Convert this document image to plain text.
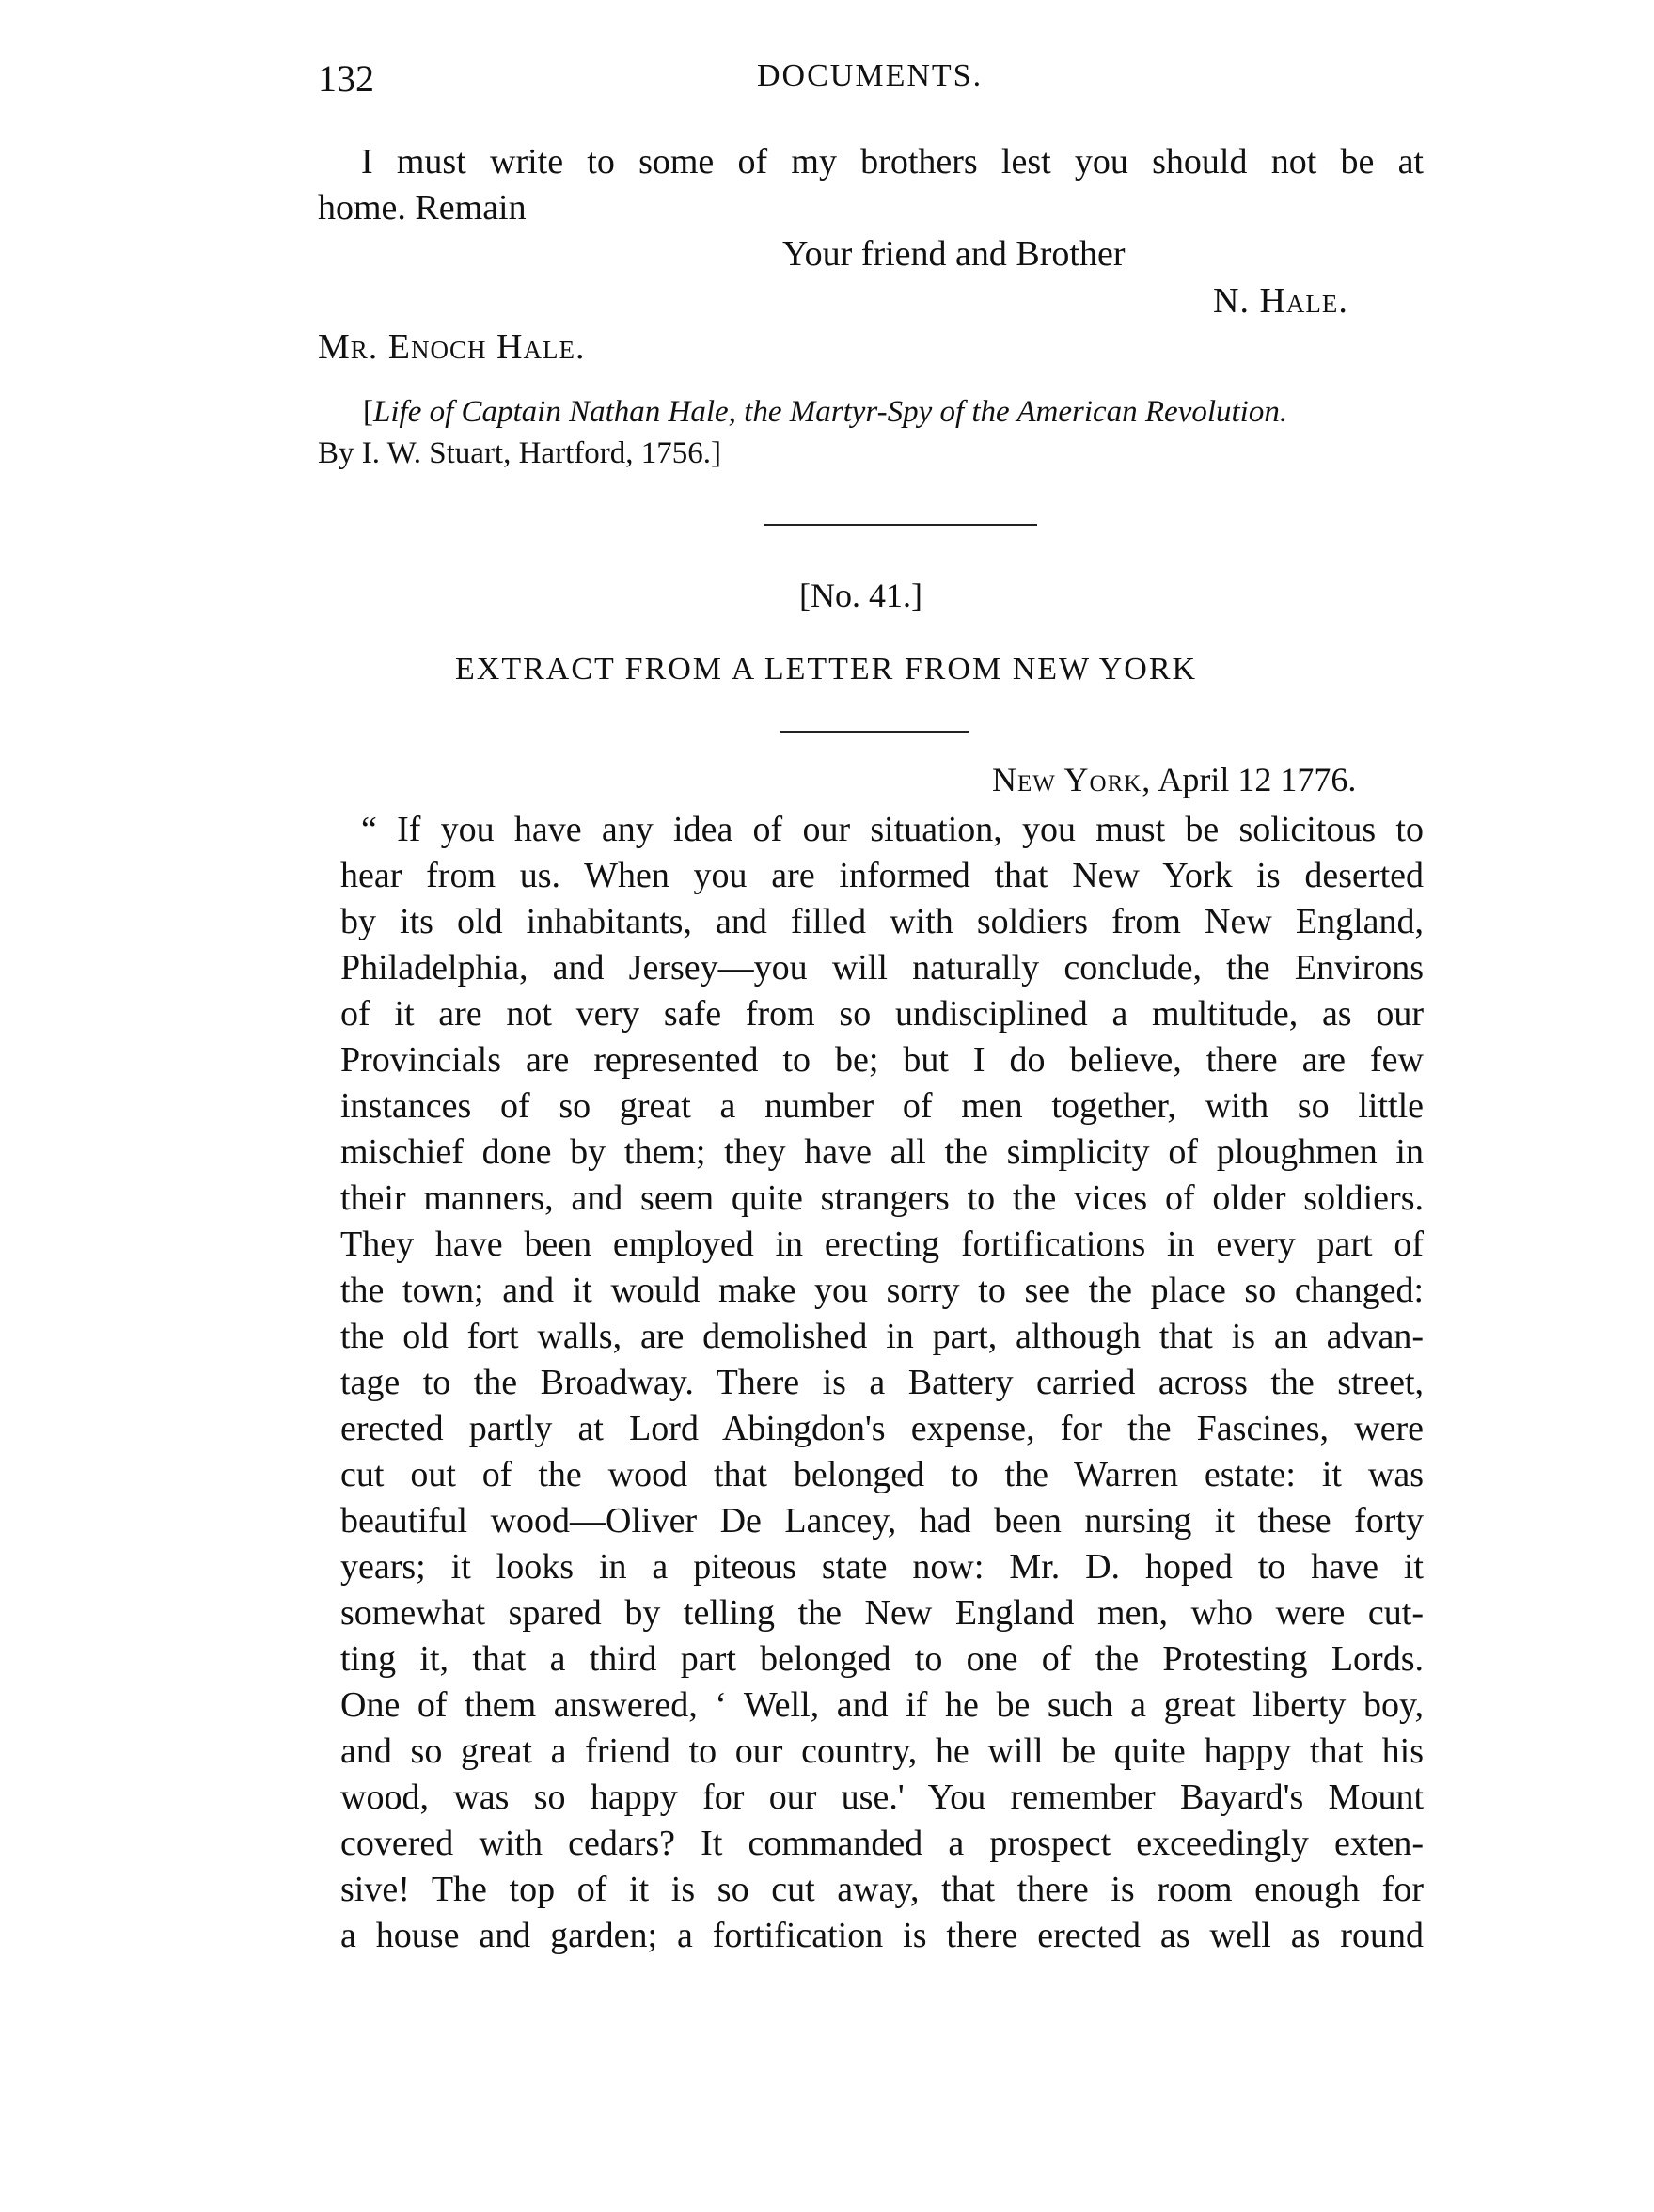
132	DOCUMENTS.
I must write to some of my brothers lest you should not be at
home. Remain
Your friend and Brother
N. Hale.
Mr. Enoch Hale.
[Life of Captain Nathan Hale, the Martyr-Spy of the American Revolution.
By I. W. Stuart, Hartford, 1756.]
[No. 41.]
EXTRACT FROM A LETTER FROM NEW YORK
New York, April 12 1776.
“ If you have any idea of our situation, you must be solicitous to
hear from us. When you are informed that New York is deserted
by its old inhabitants, and filled with soldiers from New England,
Philadelphia, and Jersey—you will naturally conclude, the Environs
of it are not very safe from so undisciplined a multitude, as our
Provincials are represented to be; but I do believe, there are few
instances of so great a number of men together, with so little
mischief done by them; they have all the simplicity of ploughmen in
their manners, and seem quite strangers to the vices of older soldiers.
They have been employed in erecting fortifications in every part of
the town; and it would make you sorry to see the place so changed:
the old fort walls, are demolished in part, although that is an advan-
tage to the Broadway. There is a Battery carried across the street,
erected partly at Lord Abingdon's expense, for the Fascines, were
cut out of the wood that belonged to the Warren estate: it was
beautiful wood—Oliver De Lancey, had been nursing it these forty
years; it looks in a piteous state now: Mr. D. hoped to have it
somewhat spared by telling the New England men, who were cut-
ting it, that a third part belonged to one of the Protesting Lords.
One of them answered, ‘ Well, and if he be such a great liberty boy,
and so great a friend to our country, he will be quite happy that his
wood, was so happy for our use.' You remember Bayard's Mount
covered with cedars? It commanded a prospect exceedingly exten-
sive! The top of it is so cut away, that there is room enough for
a house and garden; a fortification is there erected as well as round
